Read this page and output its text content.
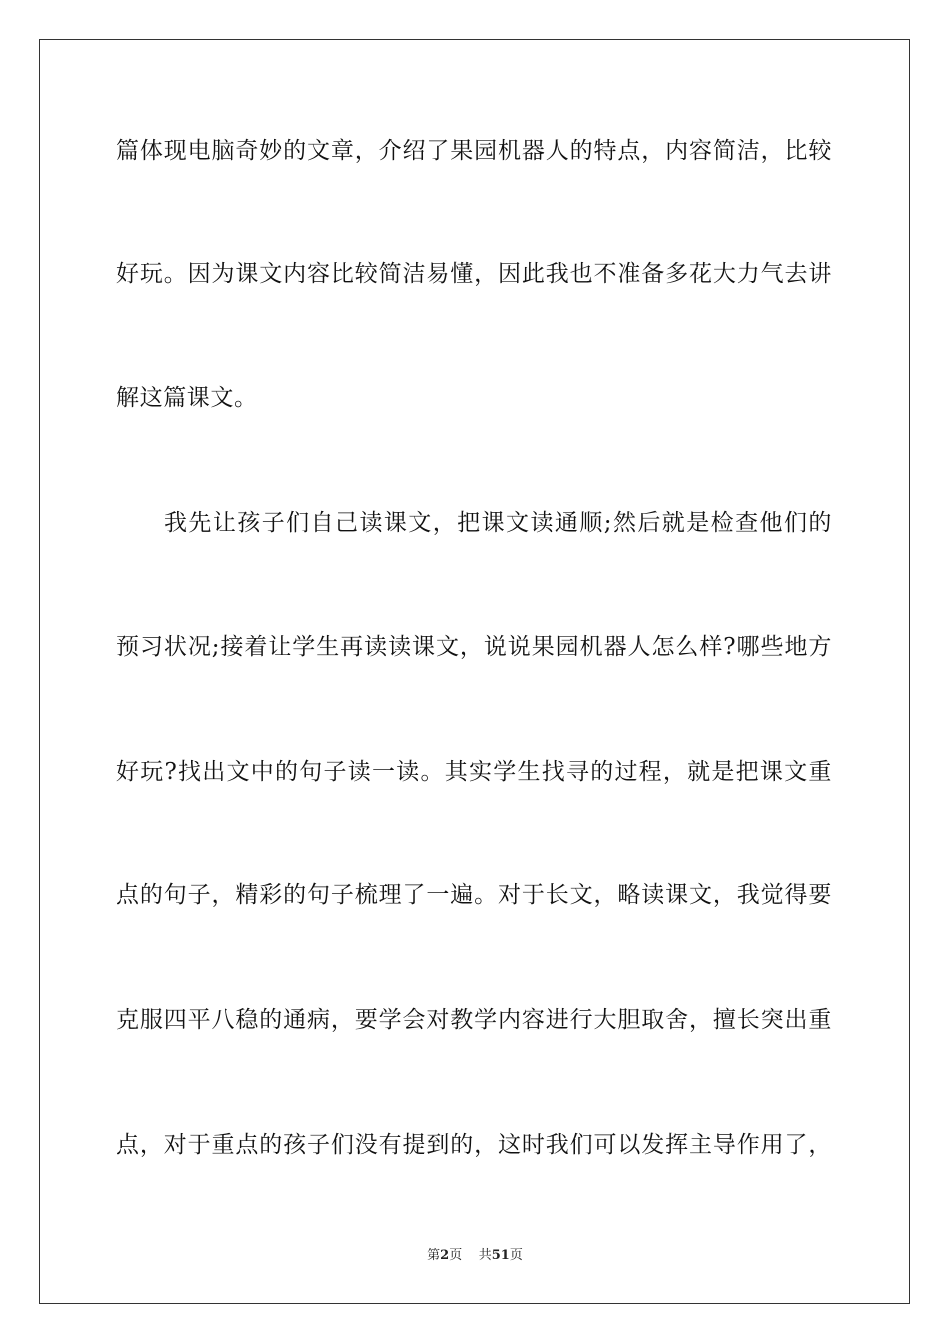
篇体现电脑奇妙的文章，介绍了果园机器人的特点，内容简洁，比较
好玩。因为课文内容比较简洁易懂，因此我也不准备多花大力气去讲
解这篇课文。
我先让孩子们自己读课文，把课文读通顺;然后就是检查他们的
预习状况;接着让学生再读读课文，说说果园机器人怎么样?哪些地方
好玩?找出文中的句子读一读。其实学生找寻的过程，就是把课文重
点的句子，精彩的句子梳理了一遍。对于长文，略读课文，我觉得要
克服四平八稳的通病，要学会对教学内容进行大胆取舍，擅长突出重
点，对于重点的孩子们没有提到的，这时我们可以发挥主导作用了，
第2页 共51页
